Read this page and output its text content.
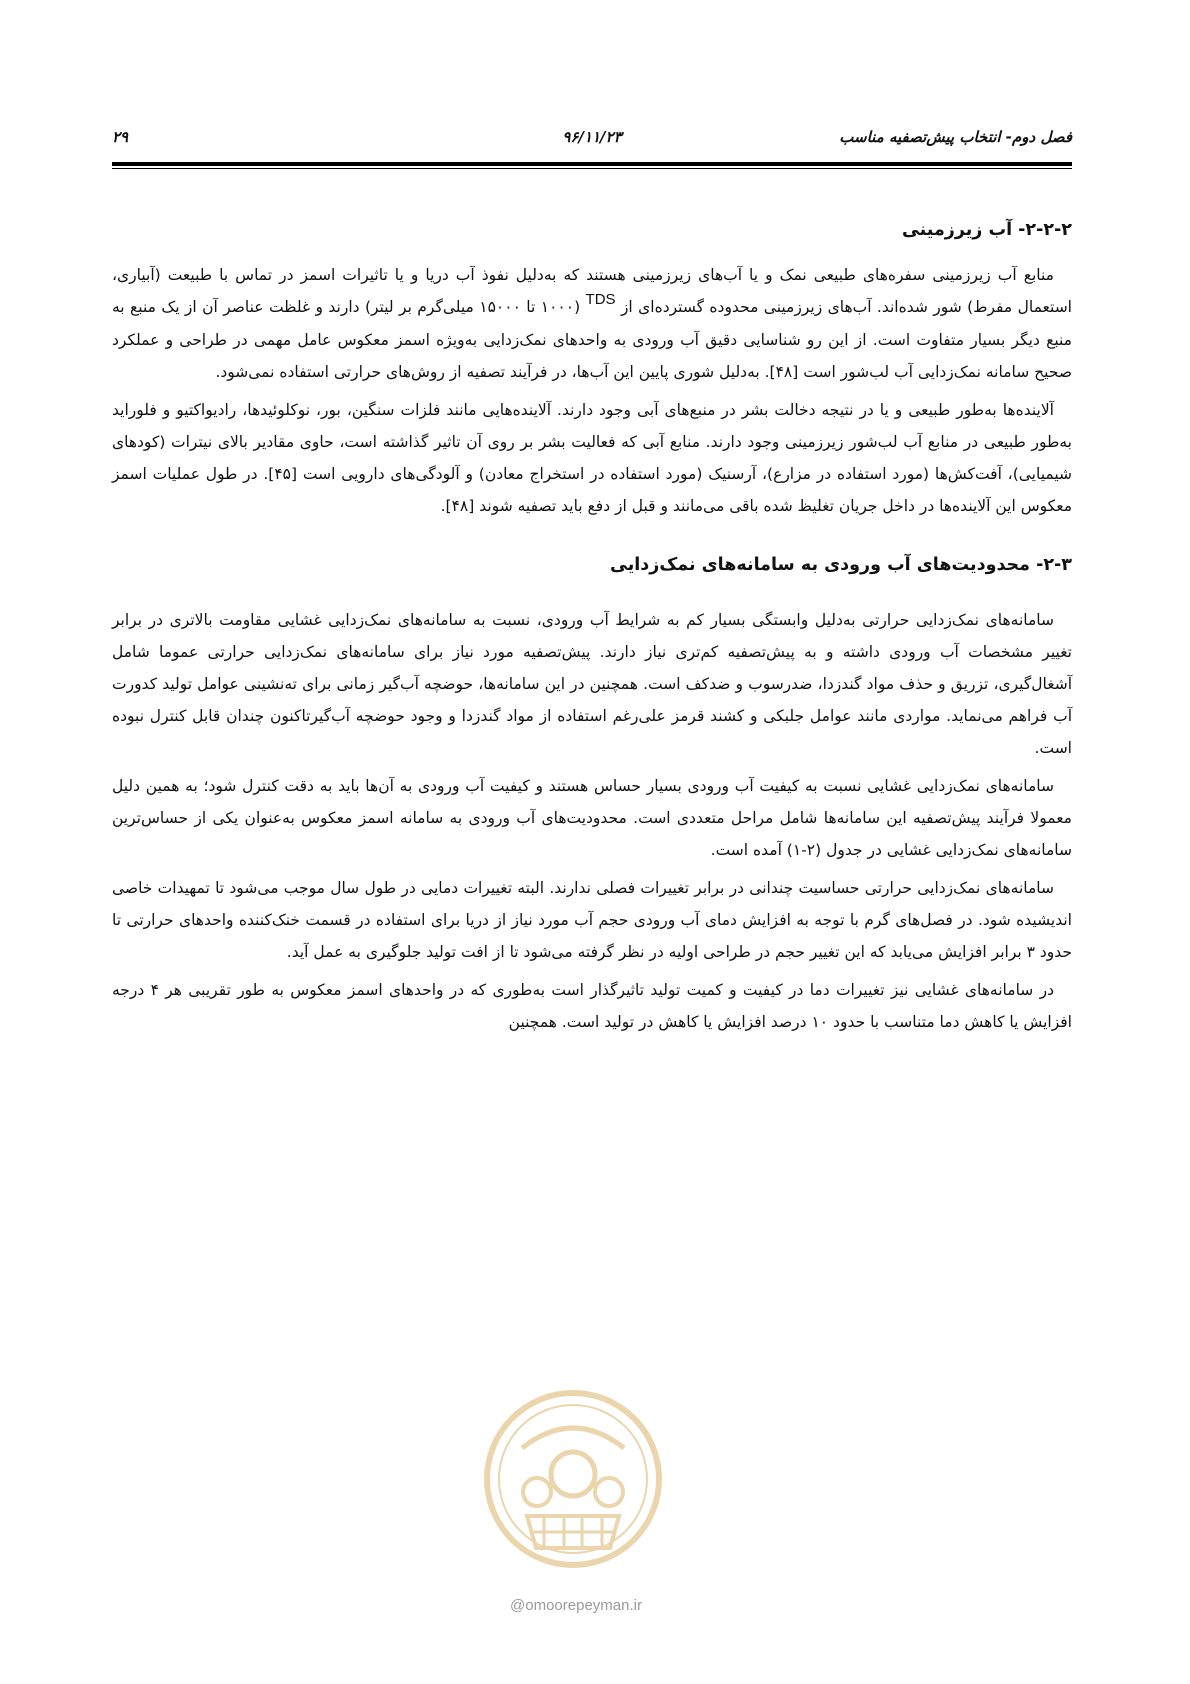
فصل دوم- انتخاب پیش‌تصفیه مناسب
۹۶/۱۱/۲۳
۲۹
۲-۲-۲- آب زیرزمینی

منابع آب زیرزمینی سفره‌های طبیعی نمک و یا آب‌های زیرزمینی هستند که به‌دلیل نفوذ آب دریا و یا تاثیرات اسمز در تماس با طبیعت (آبیاری، استعمال مفرط) شور شده‌اند. آب‌های زیرزمینی محدوده گسترده‌ای از TDS (۱۰۰۰ تا ۱۵۰۰۰ میلی‌گرم بر لیتر) دارند و غلظت عناصر آن از یک منبع به منبع دیگر بسیار متفاوت است. از این رو شناسایی دقیق آب ورودی به واحدهای نمک‌زدایی به‌ویژه اسمز معکوس عامل مهمی در طراحی و عملکرد صحیح سامانه نمک‌زدایی آب لب‌شور است [۴۸]. به‌دلیل شوری پایین این آب‌ها، در فرآیند تصفیه از روش‌های حرارتی استفاده نمی‌شود.

آلاینده‌ها به‌طور طبیعی و یا در نتیجه دخالت بشر در منبع‌های آبی وجود دارند. آلاینده‌هایی مانند فلزات سنگین، بور، نوکلوئیدها، رادیواکتیو و فلوراید به‌طور طبیعی در منابع آب لب‌شور زیرزمینی وجود دارند. منابع آبی که فعالیت بشر بر روی آن تاثیر گذاشته است، حاوی مقادیر بالای نیترات (کودهای شیمیایی)، آفت‌کش‌ها (مورد استفاده در مزارع)، آرسنیک (مورد استفاده در استخراج معادن) و آلودگی‌های دارویی است [۴۵]. در طول عملیات اسمز معکوس این آلاینده‌ها در داخل جریان تغلیظ شده باقی می‌مانند و قبل از دفع باید تصفیه شوند [۴۸].

۲-۳- محدودیت‌های آب ورودی به سامانه‌های نمک‌زدایی

سامانه‌های نمک‌زدایی حرارتی به‌دلیل وابستگی بسیار کم به شرایط آب ورودی، نسبت به سامانه‌های نمک‌زدایی غشایی مقاومت بالاتری در برابر تغییر مشخصات آب ورودی داشته و به پیش‌تصفیه کم‌تری نیاز دارند. پیش‌تصفیه مورد نیاز برای سامانه‌های نمک‌زدایی حرارتی عموما شامل آشغال‌گیری، تزریق و حذف مواد گندزدا، ضدرسوب و ضدکف است. همچنین در این سامانه‌ها، حوضچه آب‌گیر زمانی برای ته‌نشینی عوامل تولید کدورت آب فراهم می‌نماید. مواردی مانند عوامل جلبکی و کشند قرمز علی‌رغم استفاده از مواد گندزدا و وجود حوضچه آب‌گیرتاکنون چندان قابل کنترل نبوده است.

سامانه‌های نمک‌زدایی غشایی نسبت به کیفیت آب ورودی بسیار حساس هستند و کیفیت آب ورودی به آن‌ها باید به دقت کنترل شود؛ به همین دلیل معمولا فرآیند پیش‌تصفیه این سامانه‌ها شامل مراحل متعددی است. محدودیت‌های آب ورودی به سامانه اسمز معکوس به‌عنوان یکی از حساس‌ترین سامانه‌های نمک‌زدایی غشایی در جدول (۲-۱) آمده است.

سامانه‌های نمک‌زدایی حرارتی حساسیت چندانی در برابر تغییرات فصلی ندارند. البته تغییرات دمایی در طول سال موجب می‌شود تا تمهیدات خاصی اندیشیده شود. در فصل‌های گرم با توجه به افزایش دمای آب ورودی حجم آب مورد نیاز از دریا برای استفاده در قسمت خنک‌کننده واحدهای حرارتی تا حدود ۳ برابر افزایش می‌یابد که این تغییر حجم در طراحی اولیه در نظر گرفته می‌شود تا از افت تولید جلوگیری به عمل آید.

در سامانه‌های غشایی نیز تغییرات دما در کیفیت و کمیت تولید تاثیرگذار است به‌طوری که در واحدهای اسمز معکوس به طور تقریبی هر ۴ درجه افزایش یا کاهش دما متناسب با حدود ۱۰ درصد افزایش یا کاهش در تولید است. همچنین

@omoorepeyman.ir
